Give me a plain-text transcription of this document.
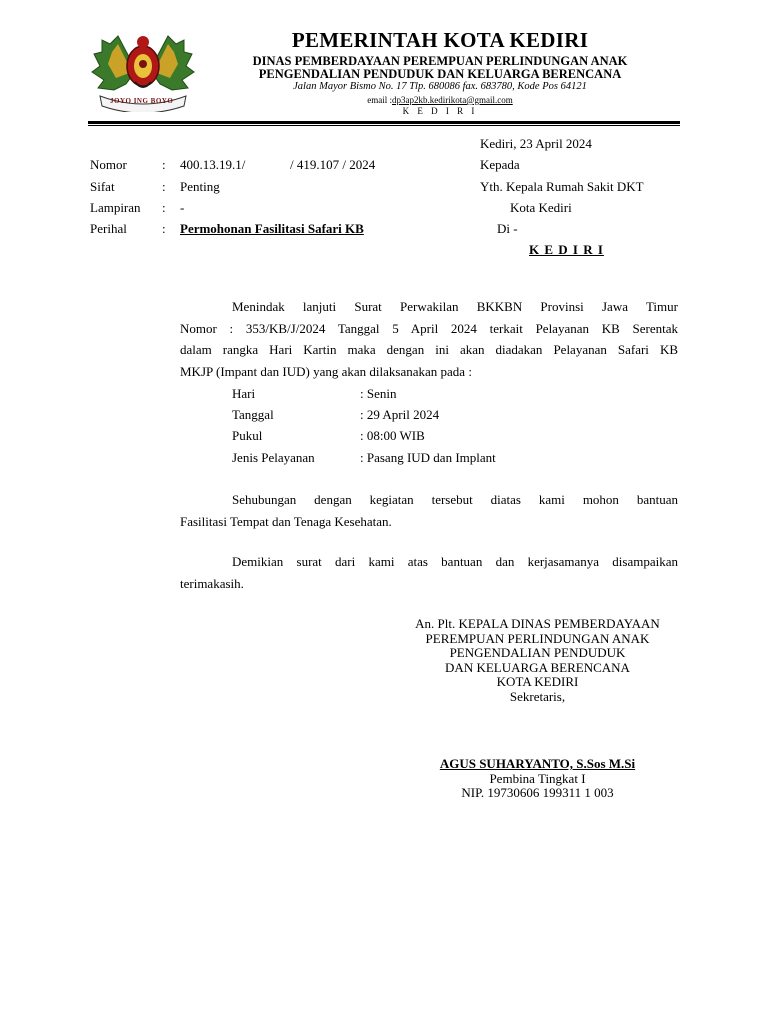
JOYO ING BOYO
PEMERINTAH KOTA KEDIRI
DINAS PEMBERDAYAAN PEREMPUAN PERLINDUNGAN ANAK
PENGENDALIAN PENDUDUK DAN KELUARGA BERENCANA
Jalan Mayor Bismo No. 17 Tlp. 680086 fax. 683780, Kode Pos 64121
email :dp3ap2kb.kedirikota@gmail.com
K E D I R I
Kediri, 23 April 2024
Nomor	: 400.13.19.1/	/ 419.107 / 2024
Sifat	: Penting
Lampiran : -
Perihal	: Permohonan Fasilitasi Safari KB
Kepada
Yth. Kepala Rumah Sakit DKT
Kota Kediri
Di -
K E D I R I
Menindak lanjuti Surat Perwakilan BKKBN Provinsi Jawa Timur
Nomor : 353/KB/J/2024 Tanggal 5 April 2024 terkait Pelayanan KB Serentak
dalam rangka Hari Kartin maka dengan ini akan diadakan Pelayanan Safari KB
MKJP (Impant dan IUD) yang akan dilaksanakan pada :
Hari	: Senin
Tanggal	: 29 April 2024
Pukul	: 08:00 WIB
Jenis Pelayanan	: Pasang IUD dan Implant
Sehubungan dengan kegiatan tersebut diatas kami mohon bantuan
Fasilitasi Tempat dan Tenaga Kesehatan.
Demikian surat dari kami atas bantuan dan kerjasamanya disampaikan
terimakasih.
An. Plt. KEPALA DINAS PEMBERDAYAAN
PEREMPUAN PERLINDUNGAN ANAK
PENGENDALIAN PENDUDUK
DAN KELUARGA BERENCANA
KOTA KEDIRI
Sekretaris,
AGUS SUHARYANTO, S.Sos M.Si
Pembina Tingkat I
NIP. 19730606 199311 1 003
